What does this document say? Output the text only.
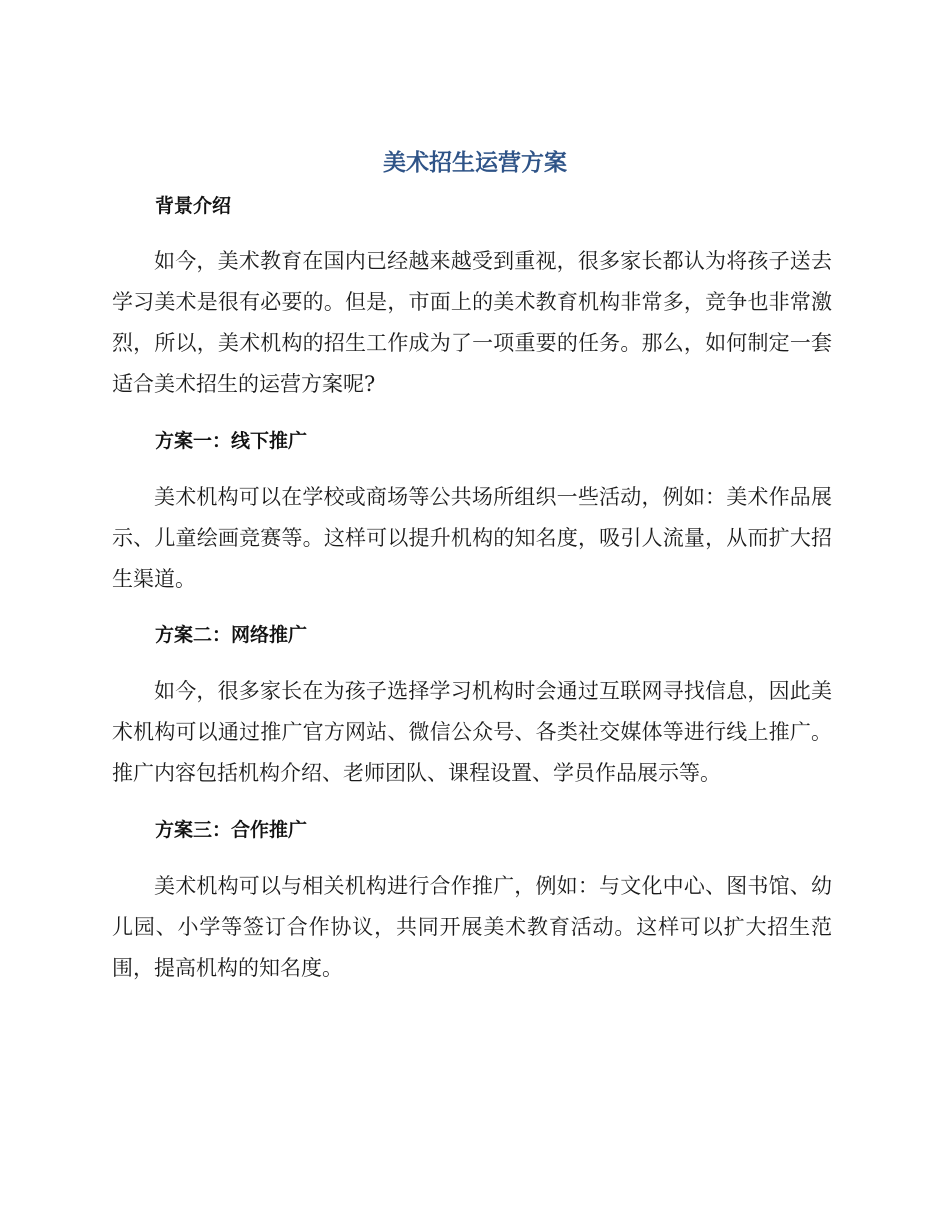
美术招生运营方案
背景介绍

如今，美术教育在国内已经越来越受到重视，很多家长都认为将孩子送去学习美术是很有必要的。但是，市面上的美术教育机构非常多，竞争也非常激烈，所以，美术机构的招生工作成为了一项重要的任务。那么，如何制定一套适合美术招生的运营方案呢?

方案一：线下推广

美术机构可以在学校或商场等公共场所组织一些活动，例如：美术作品展示、儿童绘画竞赛等。这样可以提升机构的知名度，吸引人流量，从而扩大招生渠道。

方案二：网络推广

如今，很多家长在为孩子选择学习机构时会通过互联网寻找信息，因此美术机构可以通过推广官方网站、微信公众号、各类社交媒体等进行线上推广。推广内容包括机构介绍、老师团队、课程设置、学员作品展示等。

方案三：合作推广

美术机构可以与相关机构进行合作推广，例如：与文化中心、图书馆、幼儿园、小学等签订合作协议，共同开展美术教育活动。这样可以扩大招生范围，提高机构的知名度。
